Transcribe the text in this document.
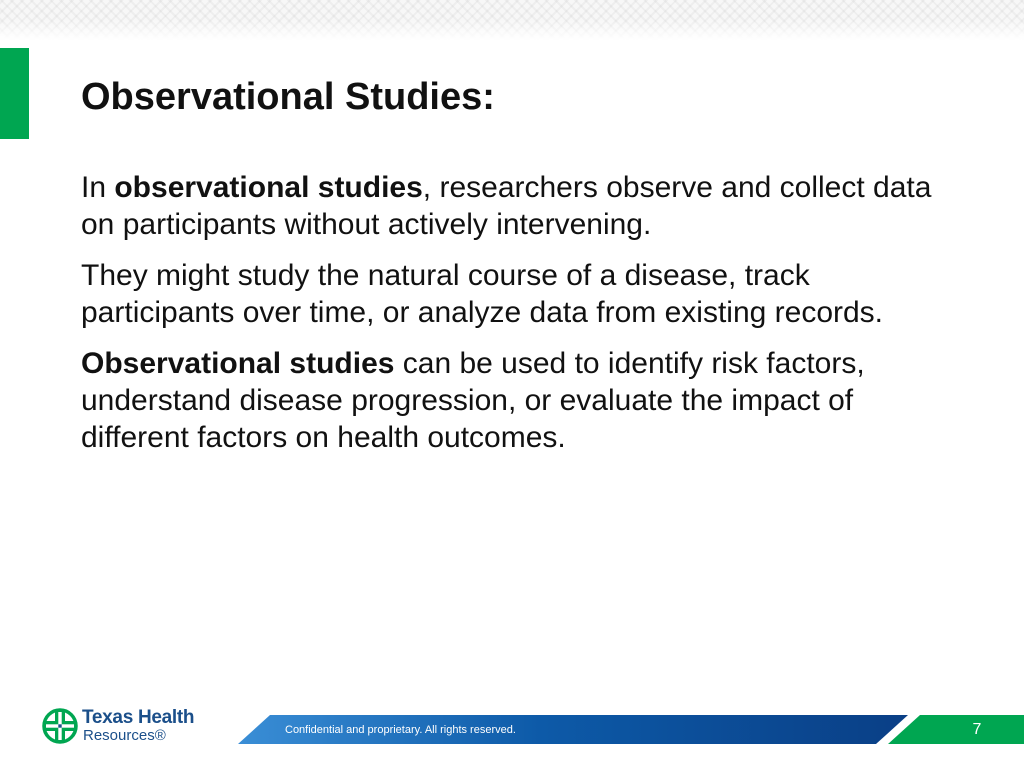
Observational Studies:

In observational studies, researchers observe and collect data on participants without actively intervening.

They might study the natural course of a disease, track participants over time, or analyze data from existing records.

Observational studies can be used to identify risk factors, understand disease progression, or evaluate the impact of different factors on health outcomes.

Texas Health
Resources®	Confidential and proprietary. All rights reserved.	7
